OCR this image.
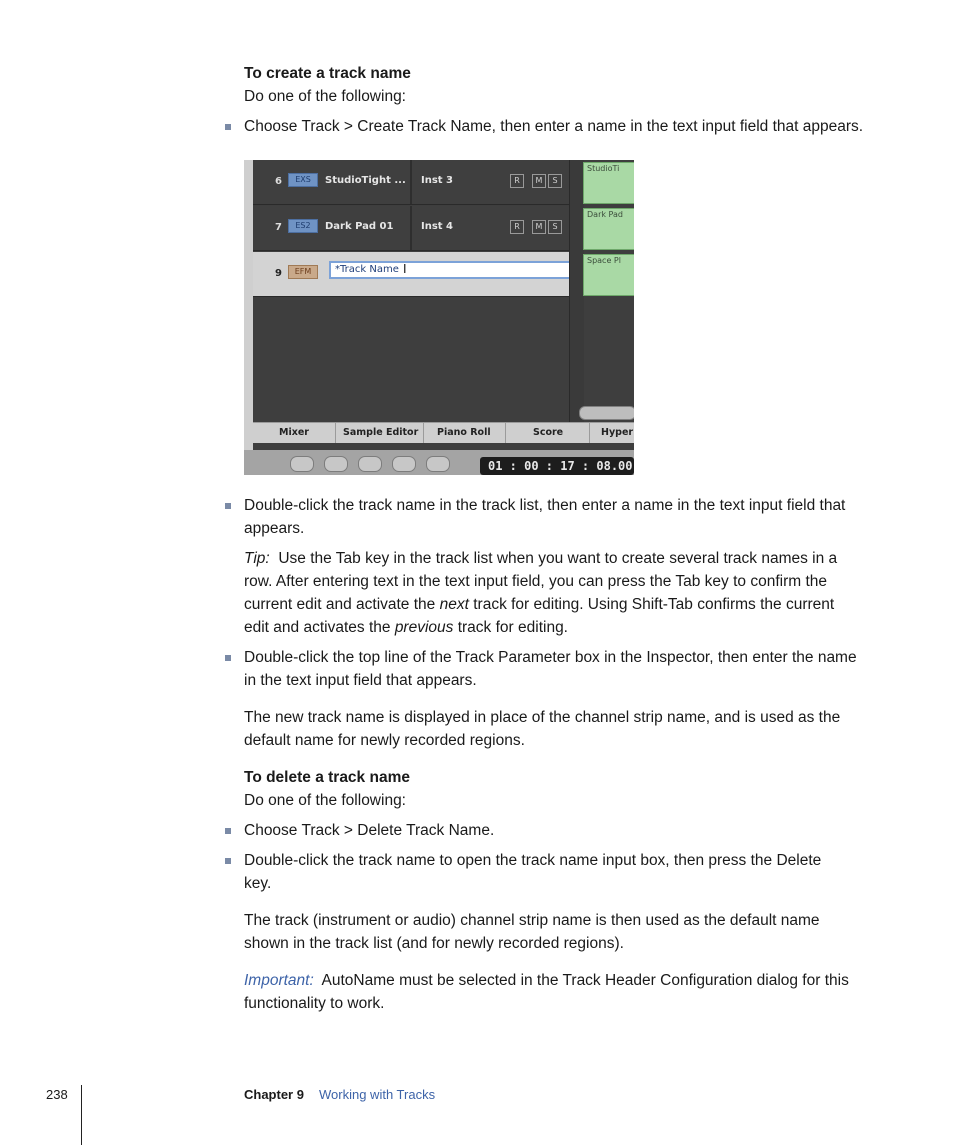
To create a track name
Do one of the following:
Choose Track > Create Track Name, then enter a name in the text input field that appears.
6	EXS	StudioTight ... Inst 3	R	M	S
7	ES2	Dark Pad 01	Inst 4	R	M	S
9	EFM	*Track Name I
StudioTi
Dark Pad
Space Pl
Mixer	Sample Editor Piano Roll	Score	Hyper
01 : 00 : 17 : 08.00
Double-click the track name in the track list, then enter a name in the text input field that
appears.
Tip: Use the Tab key in the track list when you want to create several track names in a
row. After entering text in the text input field, you can press the Tab key to confirm the
current edit and activate the next track for editing. Using Shift-Tab confirms the current
edit and activates the previous track for editing.
Double-click the top line of the Track Parameter box in the Inspector, then enter the name
in the text input field that appears.
The new track name is displayed in place of the channel strip name, and is used as the
default name for newly recorded regions.
To delete a track name
Do one of the following:
Choose Track > Delete Track Name.
Double-click the track name to open the track name input box, then press the Delete
key.
The track (instrument or audio) channel strip name is then used as the default name
shown in the track list (and for newly recorded regions).
Important: AutoName must be selected in the Track Header Configuration dialog for this
functionality to work.
238	Chapter 9 Working with Tracks
